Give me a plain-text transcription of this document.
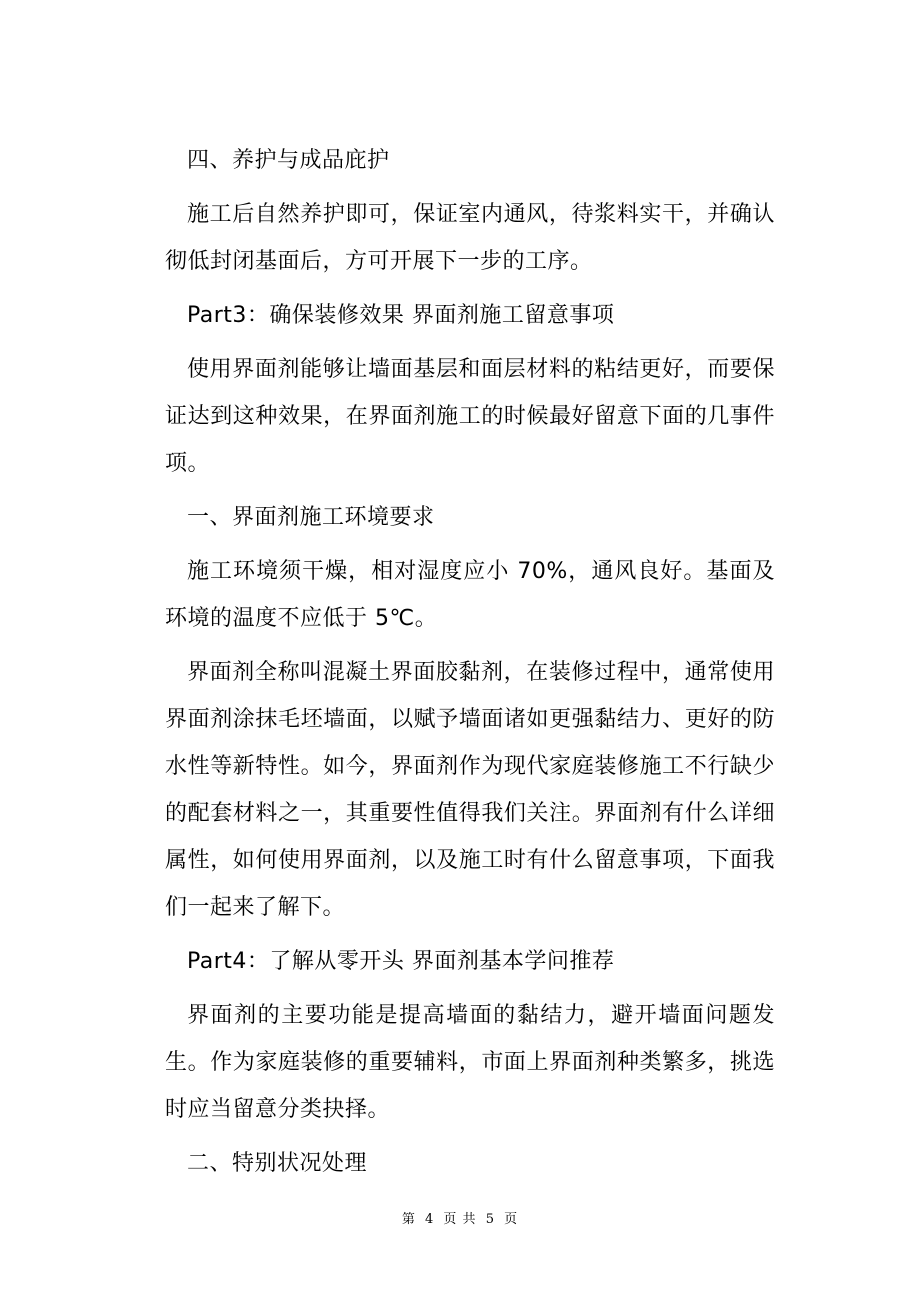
四、养护与成品庇护

施工后自然养护即可，保证室内通风，待浆料实干，并确认彻低封闭基面后，方可开展下一步的工序。

Part3：确保装修效果 界面剂施工留意事项

使用界面剂能够让墙面基层和面层材料的粘结更好，而要保证达到这种效果，在界面剂施工的时候最好留意下面的几事件项。

一、界面剂施工环境要求

施工环境须干燥，相对湿度应小 70%，通风良好。基面及环境的温度不应低于 5℃。

界面剂全称叫混凝土界面胶黏剂，在装修过程中，通常使用界面剂涂抹毛坯墙面，以赋予墙面诸如更强黏结力、更好的防水性等新特性。如今，界面剂作为现代家庭装修施工不行缺少的配套材料之一，其重要性值得我们关注。界面剂有什么详细属性，如何使用界面剂，以及施工时有什么留意事项，下面我们一起来了解下。

Part4：了解从零开头 界面剂基本学问推荐

界面剂的主要功能是提高墙面的黏结力，避开墙面问题发生。作为家庭装修的重要辅料，市面上界面剂种类繁多，挑选时应当留意分类抉择。

二、特别状况处理

第 4 页 共 5 页
